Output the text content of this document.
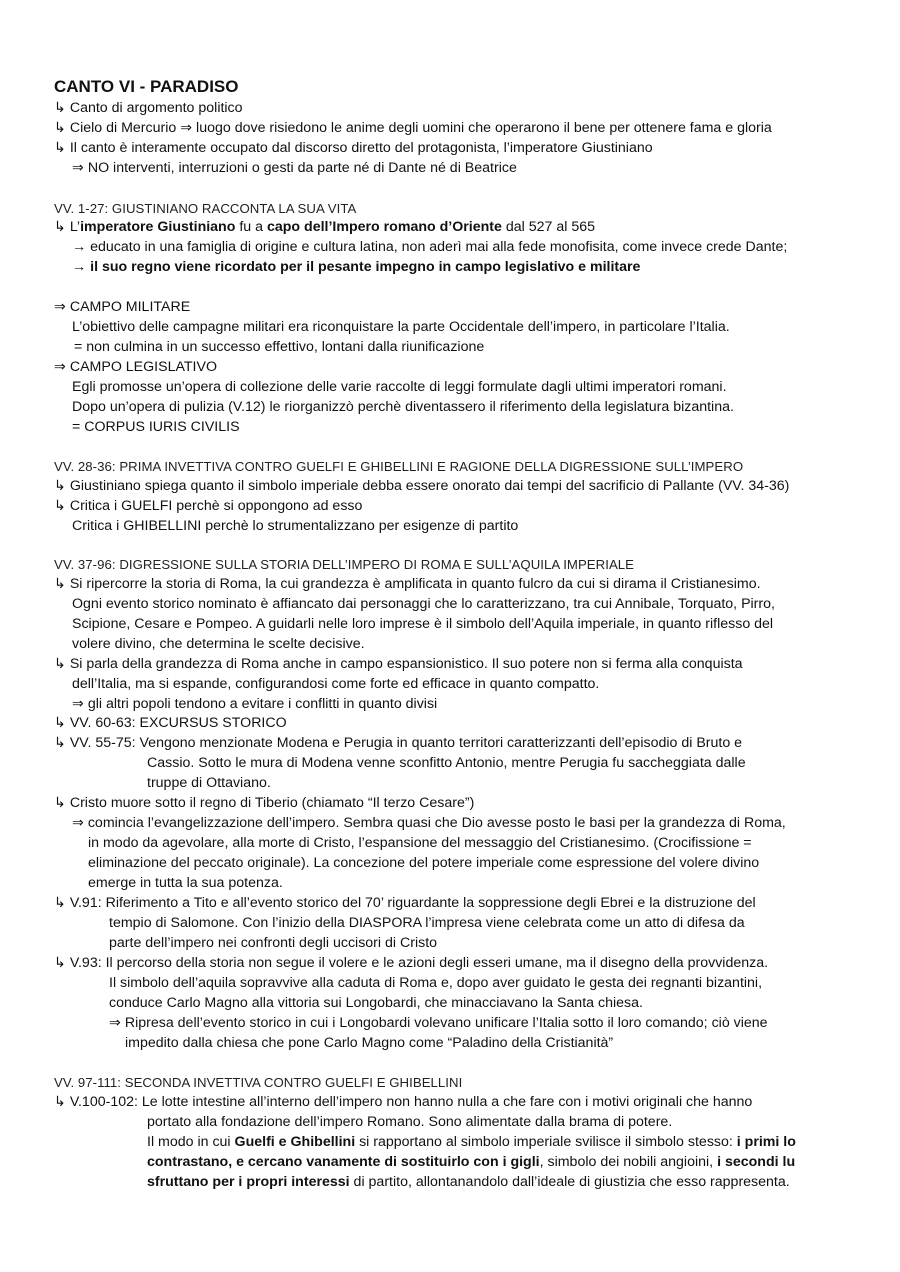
CANTO VI - PARADISO
↳ Canto di argomento politico
↳ Cielo di Mercurio ⇒ luogo dove risiedono le anime degli uomini che operarono il bene per ottenere fama e gloria
↳ Il canto è interamente occupato dal discorso diretto del protagonista, l’imperatore Giustiniano
⇒ NO interventi, interruzioni o gesti da parte né di Dante né di Beatrice
VV. 1-27: GIUSTINIANO RACCONTA LA SUA VITA
↳ L’imperatore Giustiniano fu a capo dell’Impero romano d’Oriente dal 527 al 565
→ educato in una famiglia di origine e cultura latina, non aderì mai alla fede monofisita, come invece crede Dante;
→ il suo regno viene ricordato per il pesante impegno in campo legislativo e militare
⇒ CAMPO MILITARE
L’obiettivo delle campagne militari era riconquistare la parte Occidentale dell’impero, in particolare l’Italia.
= non culmina in un successo effettivo, lontani dalla riunificazione
⇒ CAMPO LEGISLATIVO
Egli promosse un’opera di collezione delle varie raccolte di leggi formulate dagli ultimi imperatori romani.
Dopo un’opera di pulizia (V.12) le riorganizzò perchè diventassero il riferimento della legislatura bizantina.
= CORPUS IURIS CIVILIS
VV. 28-36: PRIMA INVETTIVA CONTRO GUELFI E GHIBELLINI E RAGIONE DELLA DIGRESSIONE SULL’IMPERO
↳ Giustiniano spiega quanto il simbolo imperiale debba essere onorato dai tempi del sacrificio di Pallante (VV. 34-36)
↳ Critica i GUELFI perchè si oppongono ad esso
Critica i GHIBELLINI perchè lo strumentalizzano per esigenze di partito
VV. 37-96: DIGRESSIONE SULLA STORIA DELL’IMPERO DI ROMA E SULL’AQUILA IMPERIALE
↳ Si ripercorre la storia di Roma, la cui grandezza è amplificata in quanto fulcro da cui si dirama il Cristianesimo.
Ogni evento storico nominato è affiancato dai personaggi che lo caratterizzano, tra cui Annibale, Torquato, Pirro,
Scipione, Cesare e Pompeo. A guidarli nelle loro imprese è il simbolo dell’Aquila imperiale, in quanto riflesso del
volere divino, che determina le scelte decisive.
↳ Si parla della grandezza di Roma anche in campo espansionistico. Il suo potere non si ferma alla conquista
dell’Italia, ma si espande, configurandosi come forte ed efficace in quanto compatto.
⇒ gli altri popoli tendono a evitare i conflitti in quanto divisi
↳ VV. 60-63: EXCURSUS STORICO
↳ VV. 55-75: Vengono menzionate Modena e Perugia in quanto territori caratterizzanti dell’episodio di Bruto e
Cassio. Sotto le mura di Modena venne sconfitto Antonio, mentre Perugia fu saccheggiata dalle
truppe di Ottaviano.
↳ Cristo muore sotto il regno di Tiberio (chiamato “Il terzo Cesare”)
⇒ comincia l’evangelizzazione dell’impero. Sembra quasi che Dio avesse posto le basi per la grandezza di Roma,
in modo da agevolare, alla morte di Cristo, l’espansione del messaggio del Cristianesimo. (Crocifissione =
eliminazione del peccato originale). La concezione del potere imperiale come espressione del volere divino
emerge in tutta la sua potenza.
↳ V.91: Riferimento a Tito e all’evento storico del 70’ riguardante la soppressione degli Ebrei e la distruzione del
tempio di Salomone. Con l’inizio della DIASPORA l’impresa viene celebrata come un atto di difesa da
parte dell’impero nei confronti degli uccisori di Cristo
↳ V.93: Il percorso della storia non segue il volere e le azioni degli esseri umane, ma il disegno della provvidenza.
Il simbolo dell’aquila sopravvive alla caduta di Roma e, dopo aver guidato le gesta dei regnanti bizantini,
conduce Carlo Magno alla vittoria sui Longobardi, che minacciavano la Santa chiesa.
⇒ Ripresa dell’evento storico in cui i Longobardi volevano unificare l’Italia sotto il loro comando; ciò viene
impedito dalla chiesa che pone Carlo Magno come “Paladino della Cristianità”
VV. 97-111: SECONDA INVETTIVA CONTRO GUELFI E GHIBELLINI
↳ V.100-102: Le lotte intestine all’interno dell’impero non hanno nulla a che fare con i motivi originali che hanno
portato alla fondazione dell’impero Romano. Sono alimentate dalla brama di potere.
Il modo in cui Guelfi e Ghibellini si rapportano al simbolo imperiale svilisce il simbolo stesso: i primi lo
contrastano, e cercano vanamente di sostituirlo con i gigli, simbolo dei nobili angioini, i secondi lu
sfruttano per i propri interessi di partito, allontanandolo dall’ideale di giustizia che esso rappresenta.
